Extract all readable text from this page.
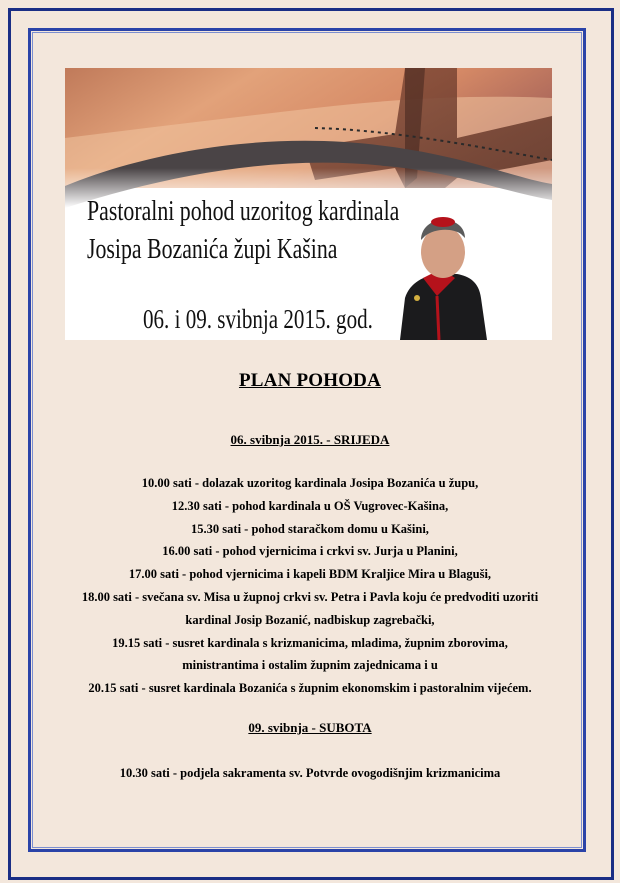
Pastoralni pohod uzoritog kardinala
Josipa Bozanića župi Kašina
06. i 09. svibnja 2015. god.
PLAN POHODA

06. svibnja 2015. - SRIJEDA

10.00 sati - dolazak uzoritog kardinala Josipa Bozanića u župu,
12.30 sati - pohod kardinala u OŠ Vugrovec-Kašina,
15.30 sati - pohod staračkom domu u Kašini,
16.00 sati - pohod vjernicima i crkvi sv. Jurja u Planini,
17.00 sati - pohod vjernicima i kapeli BDM Kraljice Mira u Blaguši,
18.00 sati - svečana sv. Misa u župnoj crkvi sv. Petra i Pavla koju će predvoditi uzoriti
kardinal Josip Bozanić, nadbiskup zagrebački,
19.15 sati - susret kardinala s krizmanicima, mladima, župnim zborovima,
ministrantima i ostalim župnim zajednicama i u
20.15 sati - susret kardinala Bozanića s župnim ekonomskim i pastoralnim vijećem.

09. svibnja - SUBOTA

10.30 sati - podjela sakramenta sv. Potvrde ovogodišnjim krizmanicima
